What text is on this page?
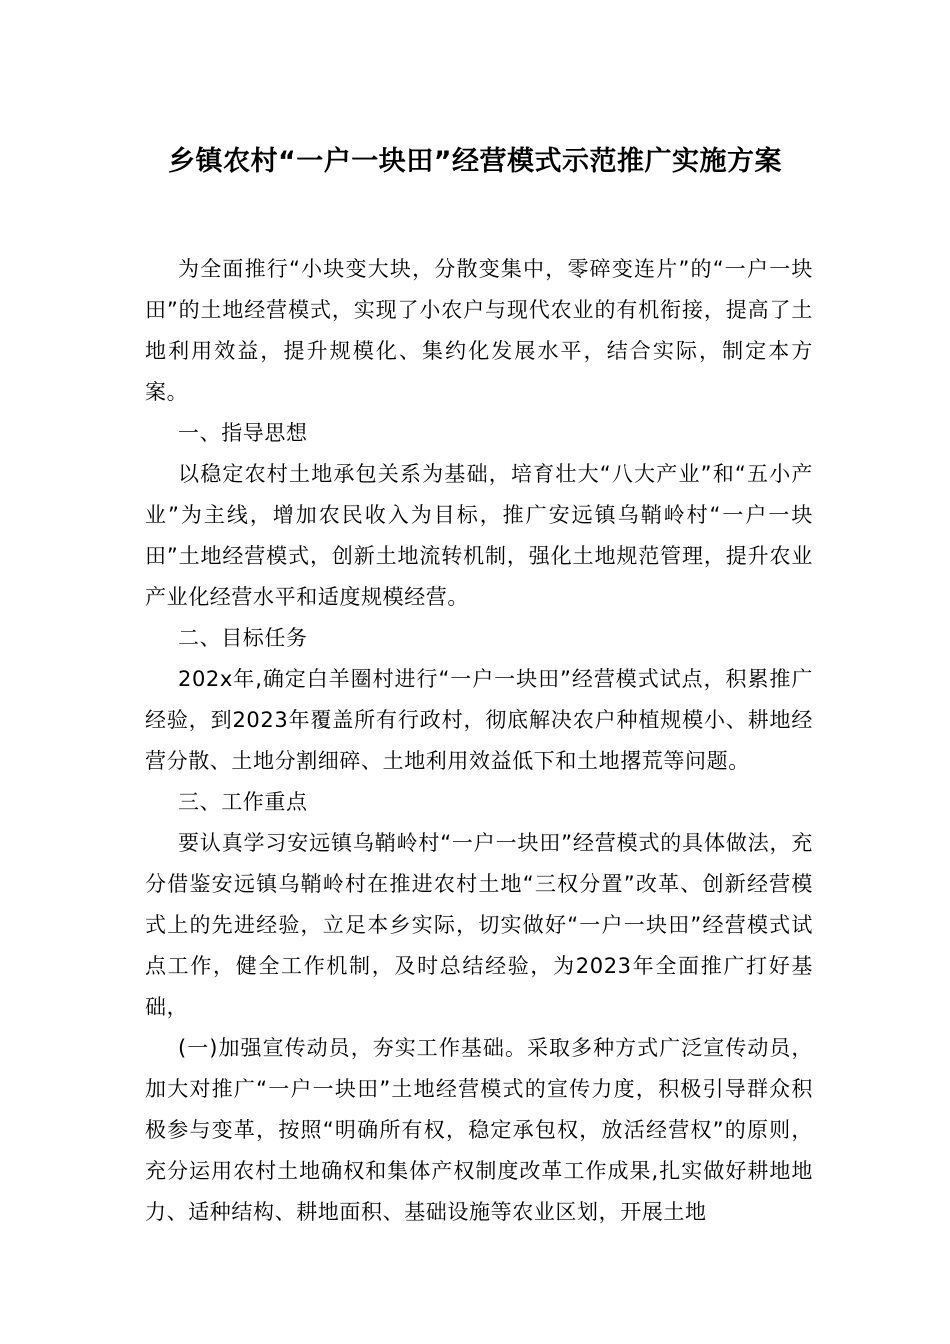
乡镇农村“一户一块田”经营模式示范推广实施方案

为全面推行“小块变大块，分散变集中，零碎变连片”的“一户一块田”的土地经营模式，实现了小农户与现代农业的有机衔接，提高了土地利用效益，提升规模化、集约化发展水平，结合实际，制定本方案。

一、指导思想

以稳定农村土地承包关系为基础，培育壮大“八大产业”和“五小产业”为主线，增加农民收入为目标，推广安远镇乌鞘岭村“一户一块田”土地经营模式，创新土地流转机制，强化土地规范管理，提升农业产业化经营水平和适度规模经营。

二、目标任务

202x年,确定白羊圈村进行“一户一块田”经营模式试点，积累推广经验，到2023年覆盖所有行政村，彻底解决农户种植规模小、耕地经营分散、土地分割细碎、土地利用效益低下和土地撂荒等问题。

三、工作重点

要认真学习安远镇乌鞘岭村“一户一块田”经营模式的具体做法，充分借鉴安远镇乌鞘岭村在推进农村土地“三权分置”改革、创新经营模式上的先进经验，立足本乡实际，切实做好“一户一块田”经营模式试点工作，健全工作机制，及时总结经验，为2023年全面推广打好基础，

(一)加强宣传动员，夯实工作基础。采取多种方式广泛宣传动员，加大对推广“一户一块田”土地经营模式的宣传力度，积极引导群众积极参与变革，按照“明确所有权，稳定承包权，放活经营权”的原则，充分运用农村土地确权和集体产权制度改革工作成果,扎实做好耕地地力、适种结构、耕地面积、基础设施等农业区划，开展土地
